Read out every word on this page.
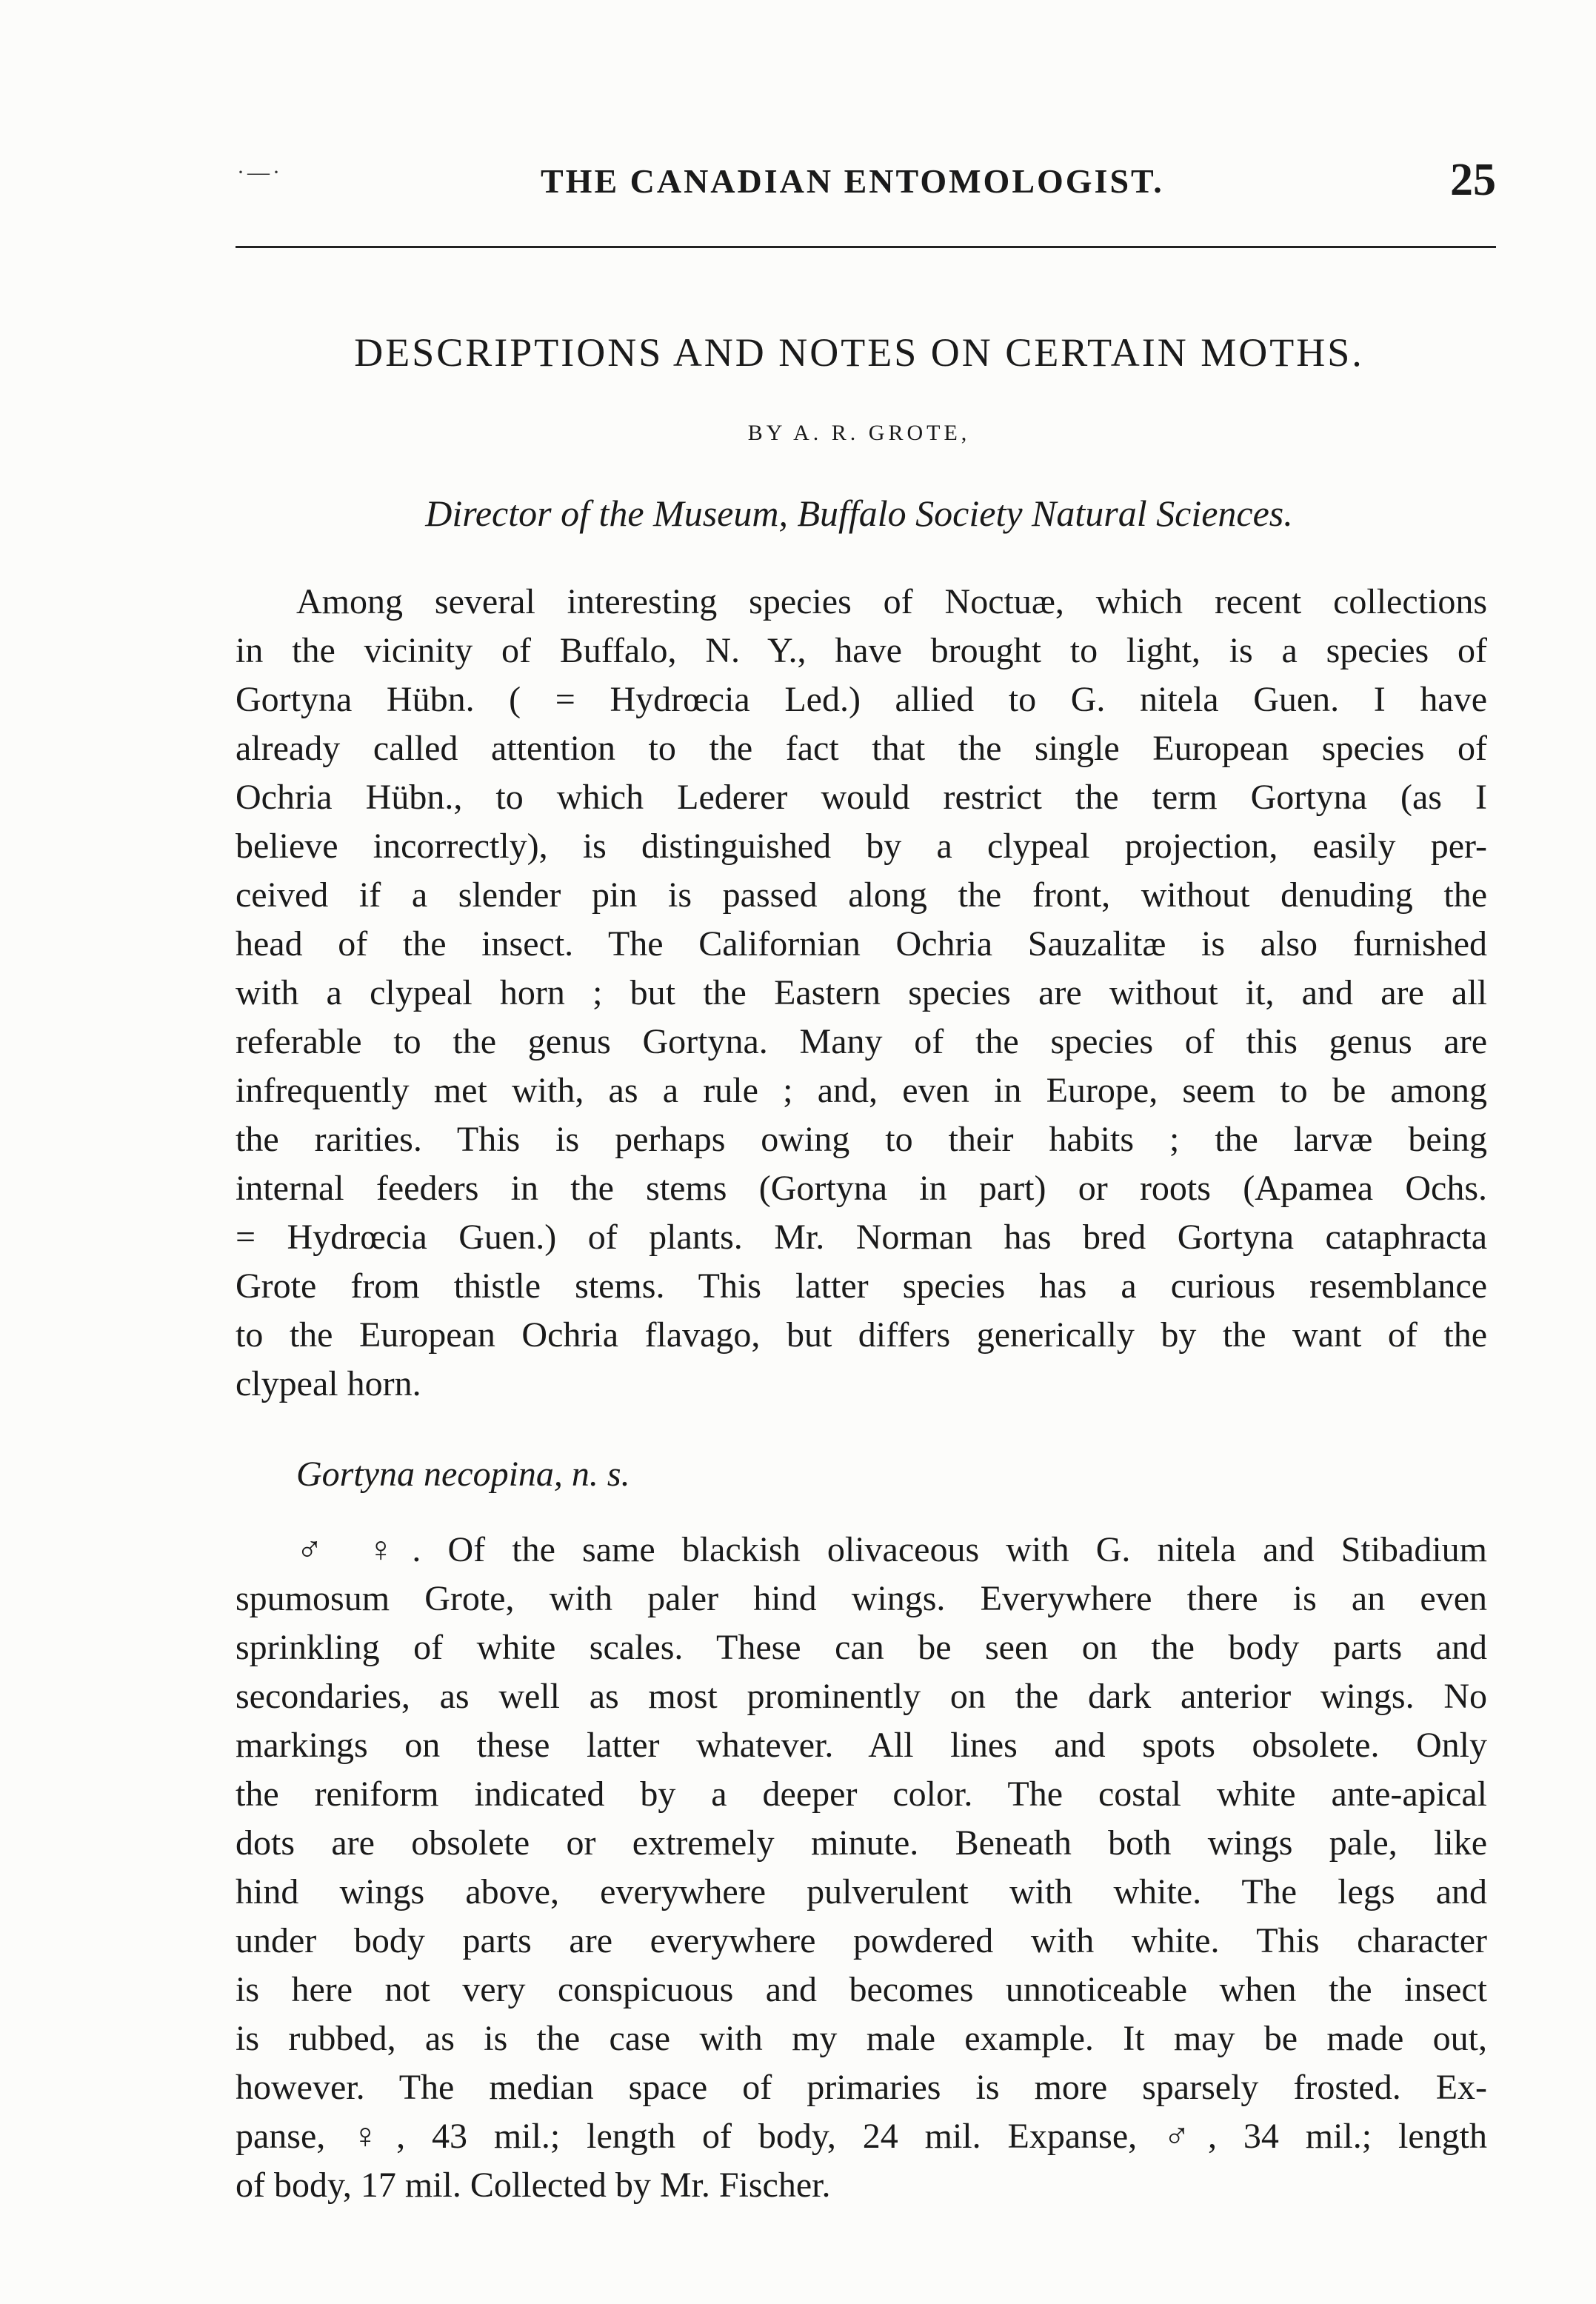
·—·	THE CANADIAN ENTOMOLOGIST.	25
DESCRIPTIONS AND NOTES ON CERTAIN MOTHS.
BY A. R. GROTE,
Director of the Museum, Buffalo Society Natural Sciences.
Among several interesting species of Noctuæ, which recent collections
in the vicinity of Buffalo, N. Y., have brought to light, is a species of
Gortyna Hübn. ( = Hydrœcia Led.) allied to G. nitela Guen. I have
already called attention to the fact that the single European species of
Ochria Hübn., to which Lederer would restrict the term Gortyna (as I
believe incorrectly), is distinguished by a clypeal projection, easily per-
ceived if a slender pin is passed along the front, without denuding the
head of the insect. The Californian Ochria Sauzalitæ is also furnished
with a clypeal horn ; but the Eastern species are without it, and are all
referable to the genus Gortyna. Many of the species of this genus are
infrequently met with, as a rule ; and, even in Europe, seem to be among
the rarities. This is perhaps owing to their habits ; the larvæ being
internal feeders in the stems (Gortyna in part) or roots (Apamea Ochs.
= Hydrœcia Guen.) of plants. Mr. Norman has bred Gortyna cataphracta
Grote from thistle stems. This latter species has a curious resemblance
to the European Ochria flavago, but differs generically by the want of the
clypeal horn.
Gortyna necopina, n. s.
♂ ♀. Of the same blackish olivaceous with G. nitela and Stibadium
spumosum Grote, with paler hind wings. Everywhere there is an even
sprinkling of white scales. These can be seen on the body parts and
secondaries, as well as most prominently on the dark anterior wings. No
markings on these latter whatever. All lines and spots obsolete. Only
the reniform indicated by a deeper color. The costal white ante-apical
dots are obsolete or extremely minute. Beneath both wings pale, like
hind wings above, everywhere pulverulent with white. The legs and
under body parts are everywhere powdered with white. This character
is here not very conspicuous and becomes unnoticeable when the insect
is rubbed, as is the case with my male example. It may be made out,
however. The median space of primaries is more sparsely frosted. Ex-
panse, ♀, 43 mil.; length of body, 24 mil. Expanse, ♂, 34 mil.; length
of body, 17 mil. Collected by Mr. Fischer.
